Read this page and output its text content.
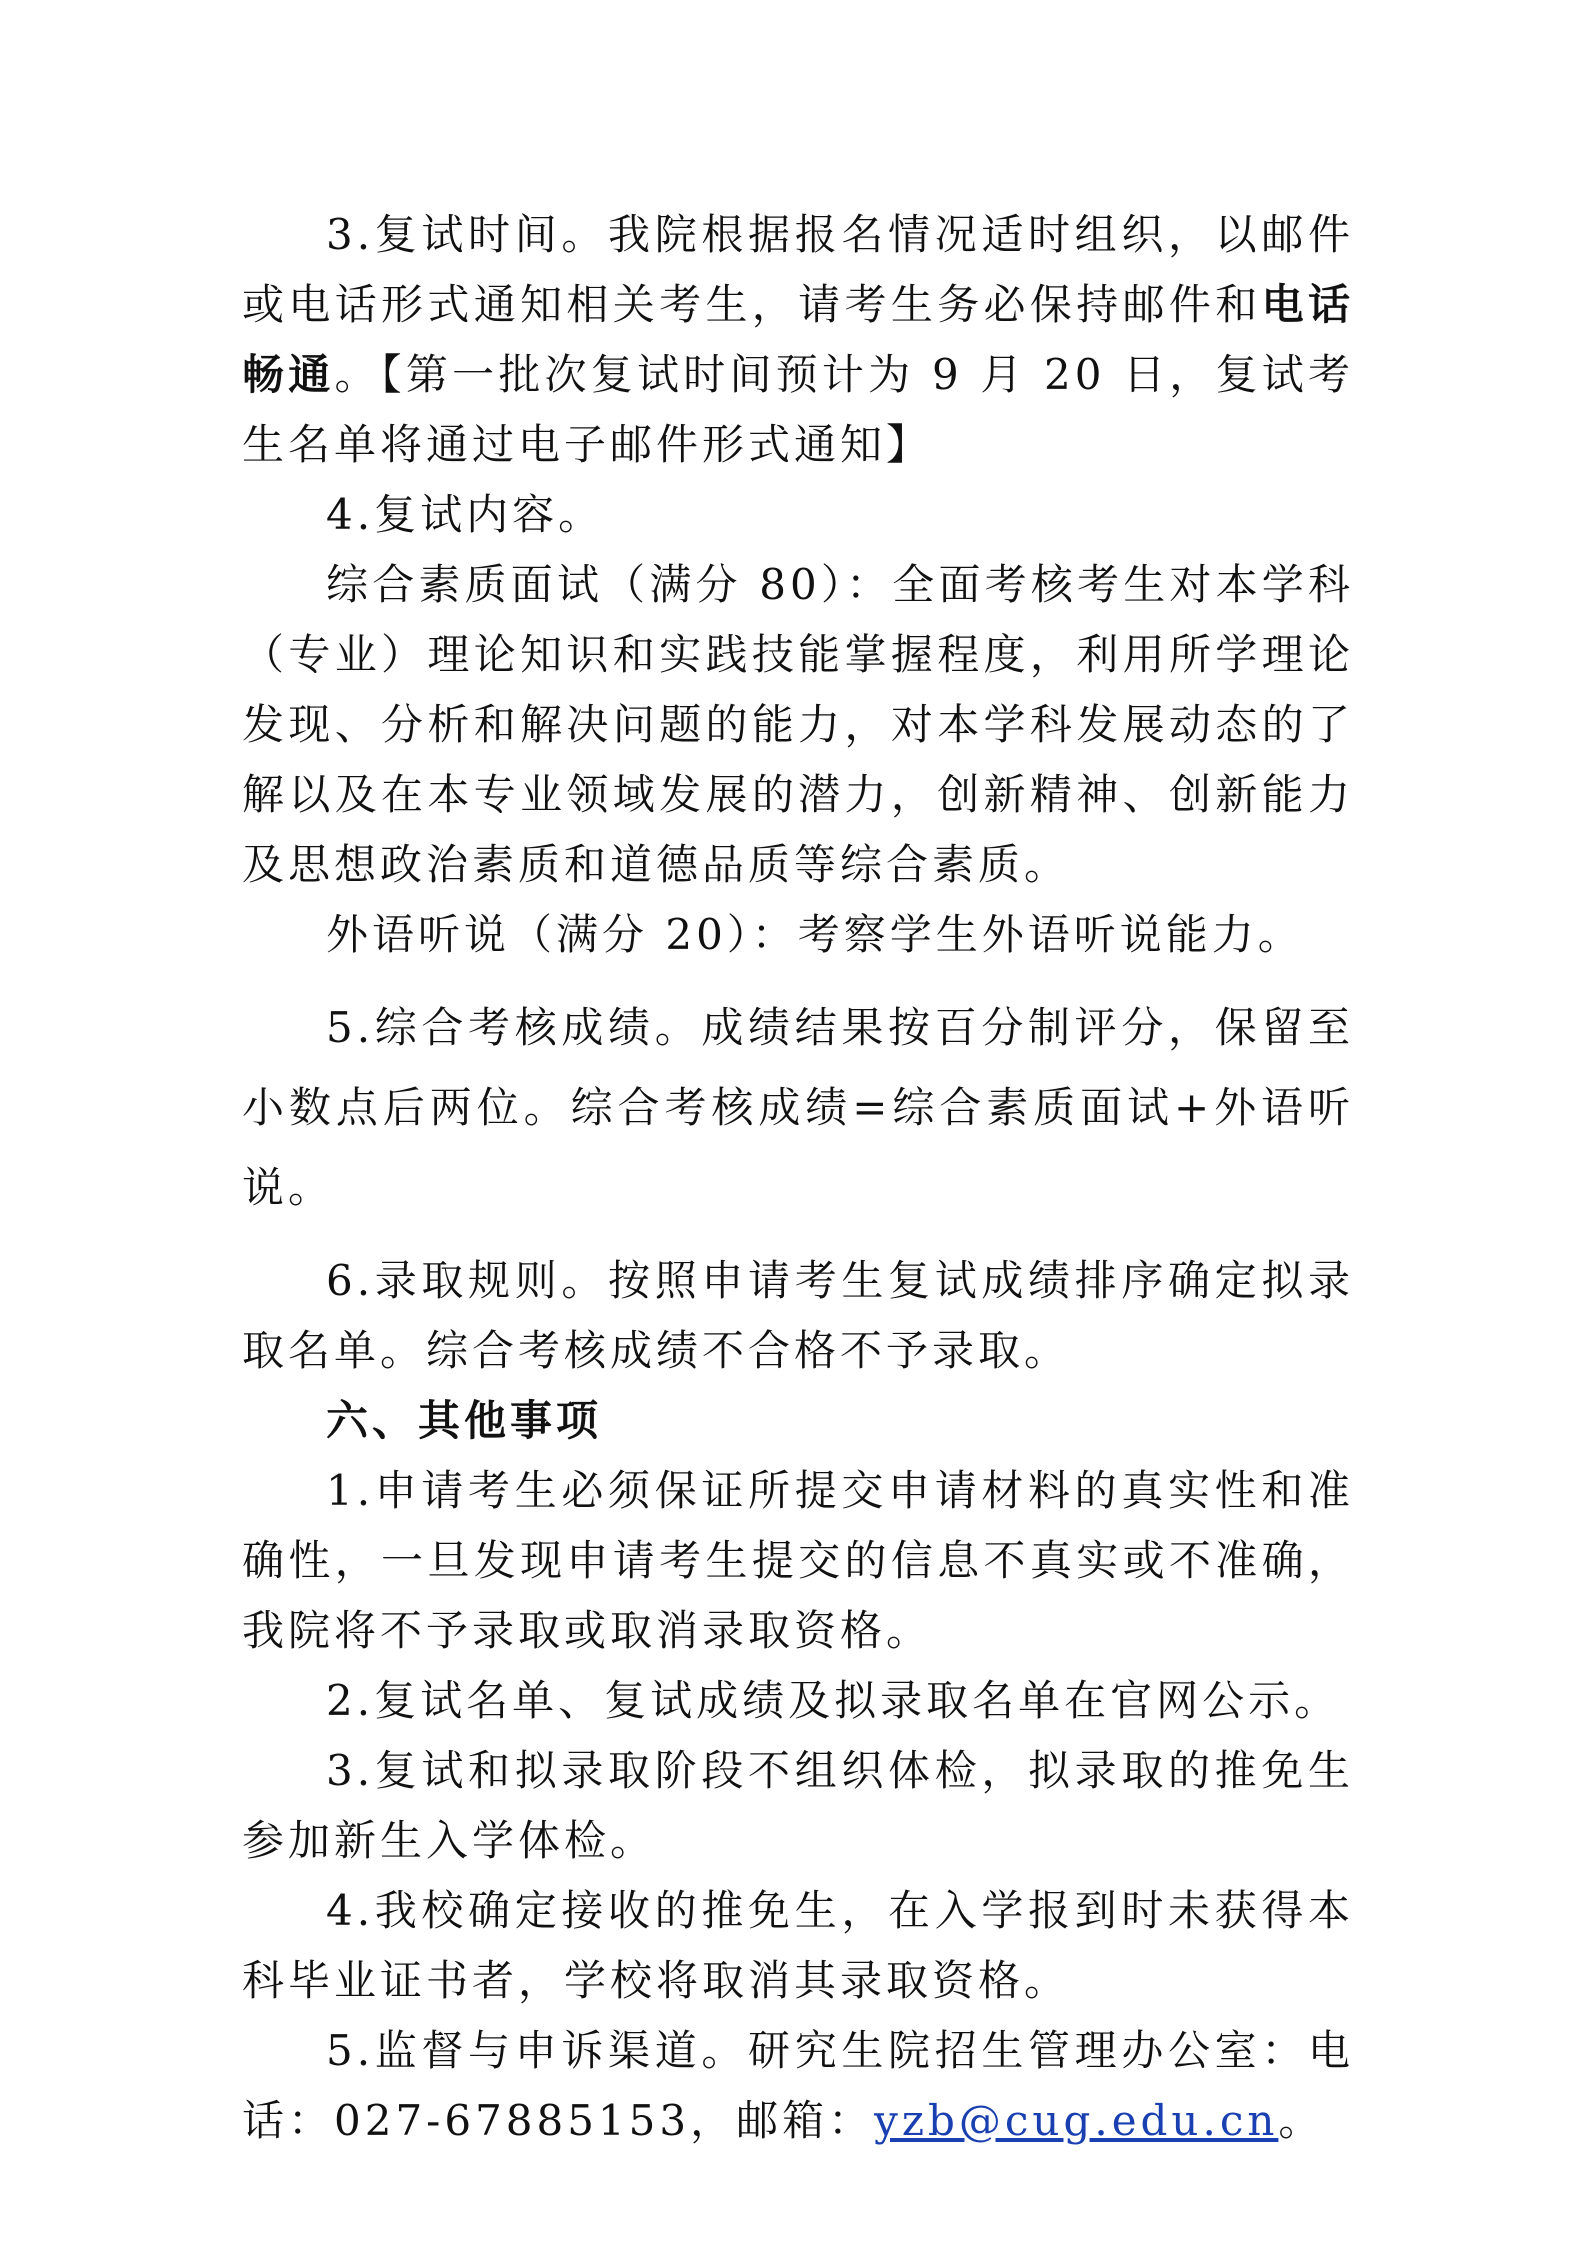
3.复试时间。我院根据报名情况适时组织，以邮件或电话形式通知相关考生，请考生务必保持邮件和电话畅通。【第一批次复试时间预计为 9 月 20 日，复试考生名单将通过电子邮件形式通知】

4.复试内容。

综合素质面试（满分 80）：全面考核考生对本学科（专业）理论知识和实践技能掌握程度，利用所学理论发现、分析和解决问题的能力，对本学科发展动态的了解以及在本专业领域发展的潜力，创新精神、创新能力及思想政治素质和道德品质等综合素质。

外语听说（满分 20）：考察学生外语听说能力。

5.综合考核成绩。成绩结果按百分制评分，保留至小数点后两位。综合考核成绩=综合素质面试+外语听说。

6.录取规则。按照申请考生复试成绩排序确定拟录取名单。综合考核成绩不合格不予录取。

六、其他事项

1.申请考生必须保证所提交申请材料的真实性和准确性，一旦发现申请考生提交的信息不真实或不准确，我院将不予录取或取消录取资格。

2.复试名单、复试成绩及拟录取名单在官网公示。

3.复试和拟录取阶段不组织体检，拟录取的推免生参加新生入学体检。

4.我校确定接收的推免生，在入学报到时未获得本科毕业证书者，学校将取消其录取资格。

5.监督与申诉渠道。研究生院招生管理办公室：电话：027-67885153，邮箱：yzb@cug.edu.cn。
